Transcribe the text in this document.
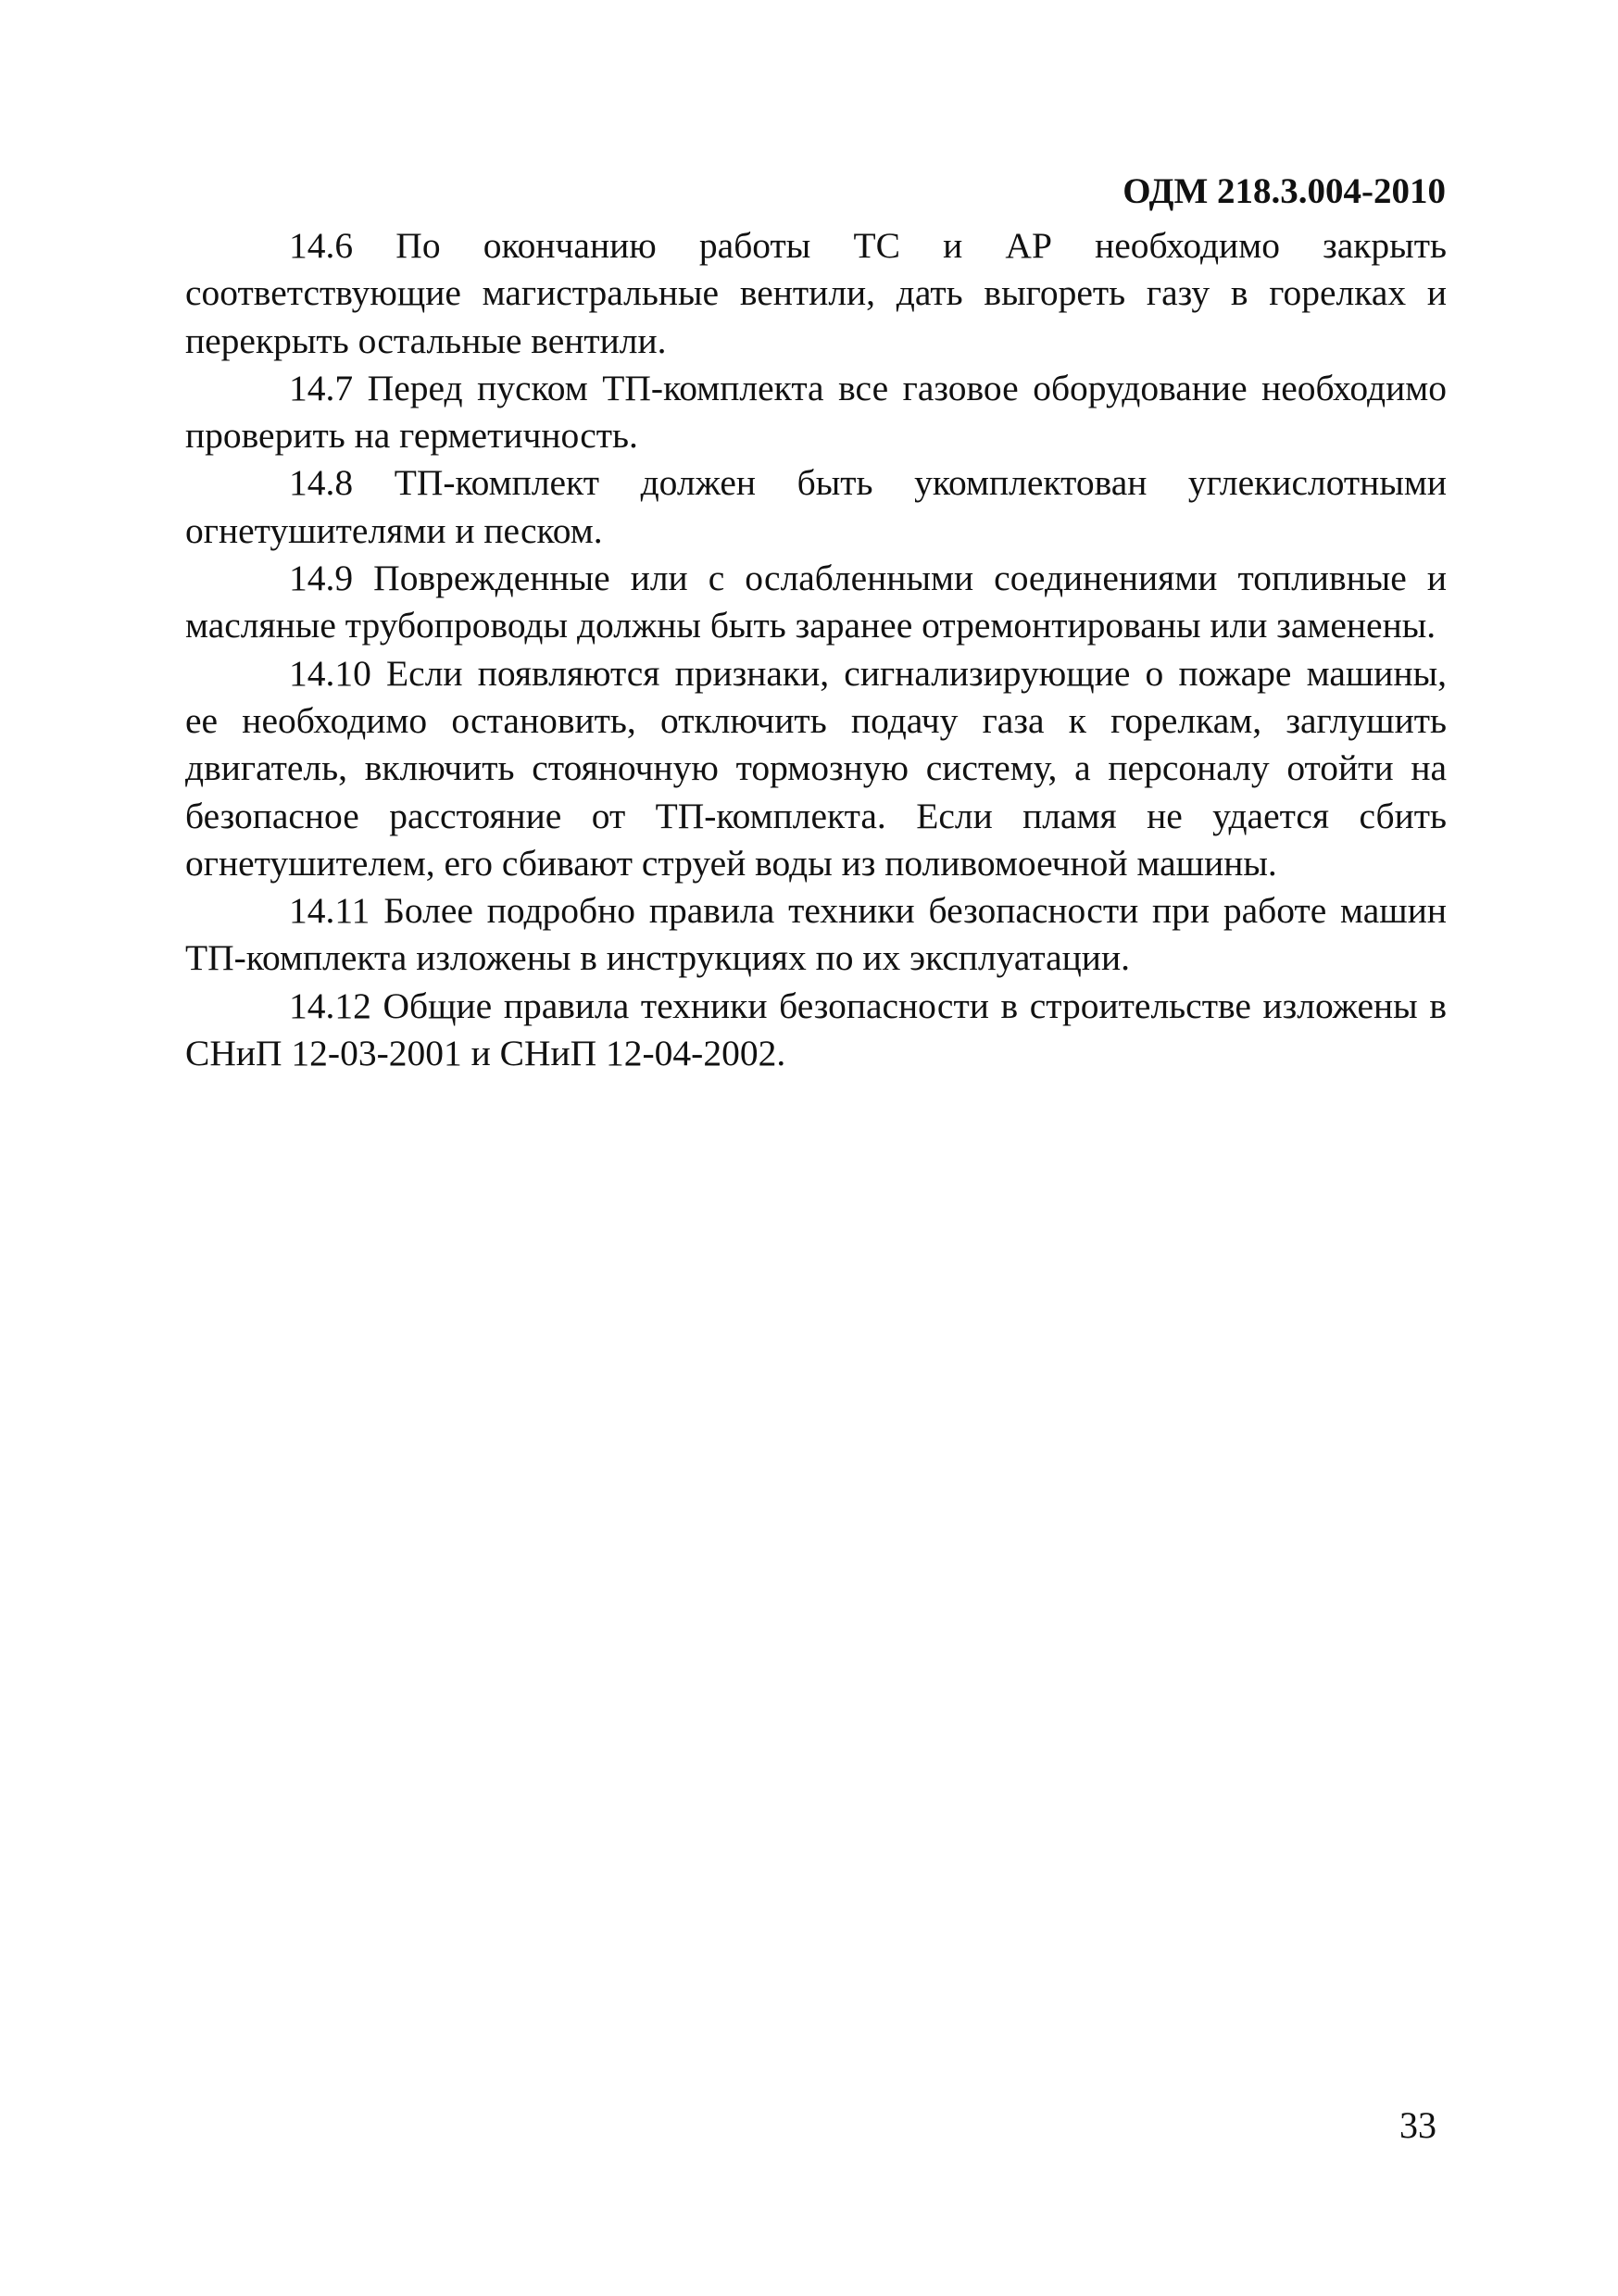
ОДМ 218.3.004-2010

14.6 По окончанию работы ТС и АР необходимо закрыть соответствующие магистральные вентили, дать выгореть газу в горелках и перекрыть остальные вентили.

14.7 Перед пуском ТП-комплекта все газовое оборудование необходимо проверить на герметичность.

14.8 ТП-комплект должен быть укомплектован углекислотными огнетушителями и песком.

14.9 Поврежденные или с ослабленными соединениями топливные и масляные трубопроводы должны быть заранее отремонтированы или заменены.

14.10 Если появляются признаки, сигнализирующие о пожаре машины, ее необходимо остановить, отключить подачу газа к горелкам, заглушить двигатель, включить стояночную тормозную систему, а персоналу отойти на безопасное расстояние от ТП-комплекта. Если пламя не удается сбить огнетушителем, его сбивают струей воды из поливомоечной машины.

14.11 Более подробно правила техники безопасности при работе машин ТП-комплекта изложены в инструкциях по их эксплуатации.

14.12 Общие правила техники безопасности в строительстве изложены в СНиП 12-03-2001 и СНиП 12-04-2002.

33
